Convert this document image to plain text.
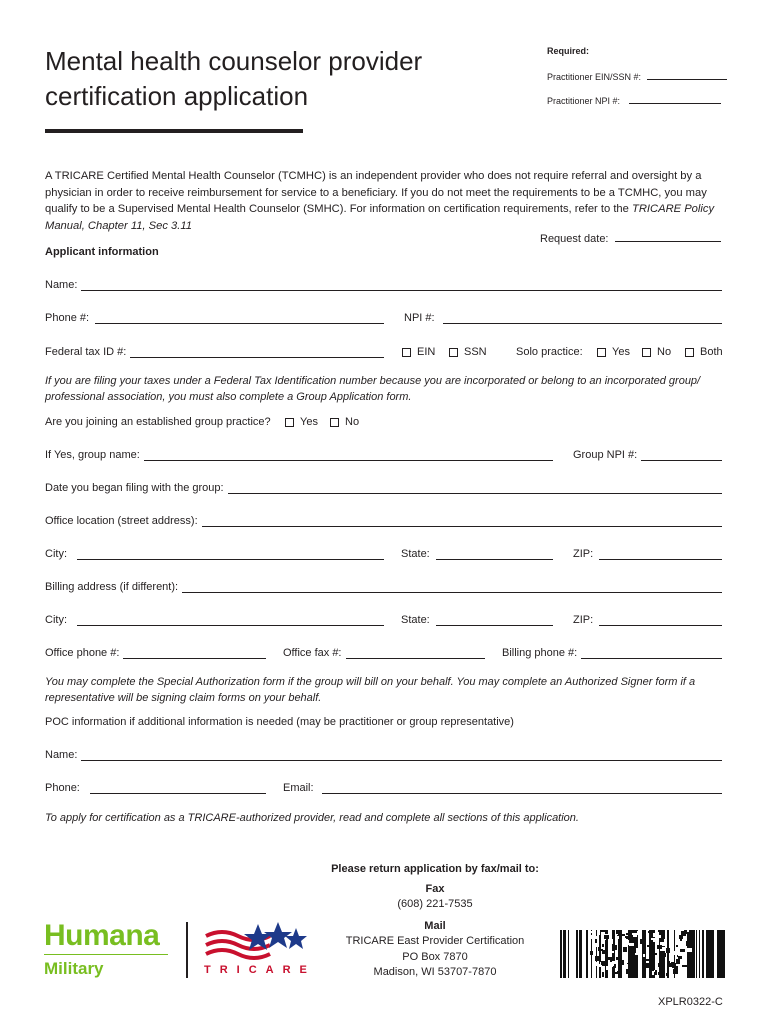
Mental health counselor provider
certification application
Required:
Practitioner EIN/SSN #:
Practitioner NPI #:
A TRICARE Certified Mental Health Counselor (TCMHC) is an independent provider who does not require referral and oversight by a physician in order to receive reimbursement for service to a beneficiary. If you do not meet the requirements to be a TCMHC, you may qualify to be a Supervised Mental Health Counselor (SMHC). For information on certification requirements, refer to the TRICARE Policy Manual, Chapter 11, Sec 3.11
Request date:
Applicant information
Name:
Phone #:	NPI #:
Federal tax ID #:	EIN	SSN	Solo practice:	Yes No	Both
If you are filing your taxes under a Federal Tax Identification number because you are incorporated or belong to an incorporated group/ professional association, you must also complete a Group Application form.
Are you joining an established group practice?	Yes No
If Yes, group name:	Group NPI #:
Date you began filing with the group:
Office location (street address):
City:	State:	ZIP:
Billing address (if different):
City:	State:	ZIP:
Office phone #:	Office fax #:	Billing phone #:
You may complete the Special Authorization form if the group will bill on your behalf. You may complete an Authorized Signer form if a representative will be signing claim forms on your behalf.
POC information if additional information is needed (may be practitioner or group representative)
Name:
Phone:	Email:
To apply for certification as a TRICARE-authorized provider, read and complete all sections of this application.
Please return application by fax/mail to:
Fax
(608) 221-7535
Mail
TRICARE East Provider Certification
PO Box 7870
Madison, WI 53707-7870
Humana
Military	TRICARE
XPLR0322-C
